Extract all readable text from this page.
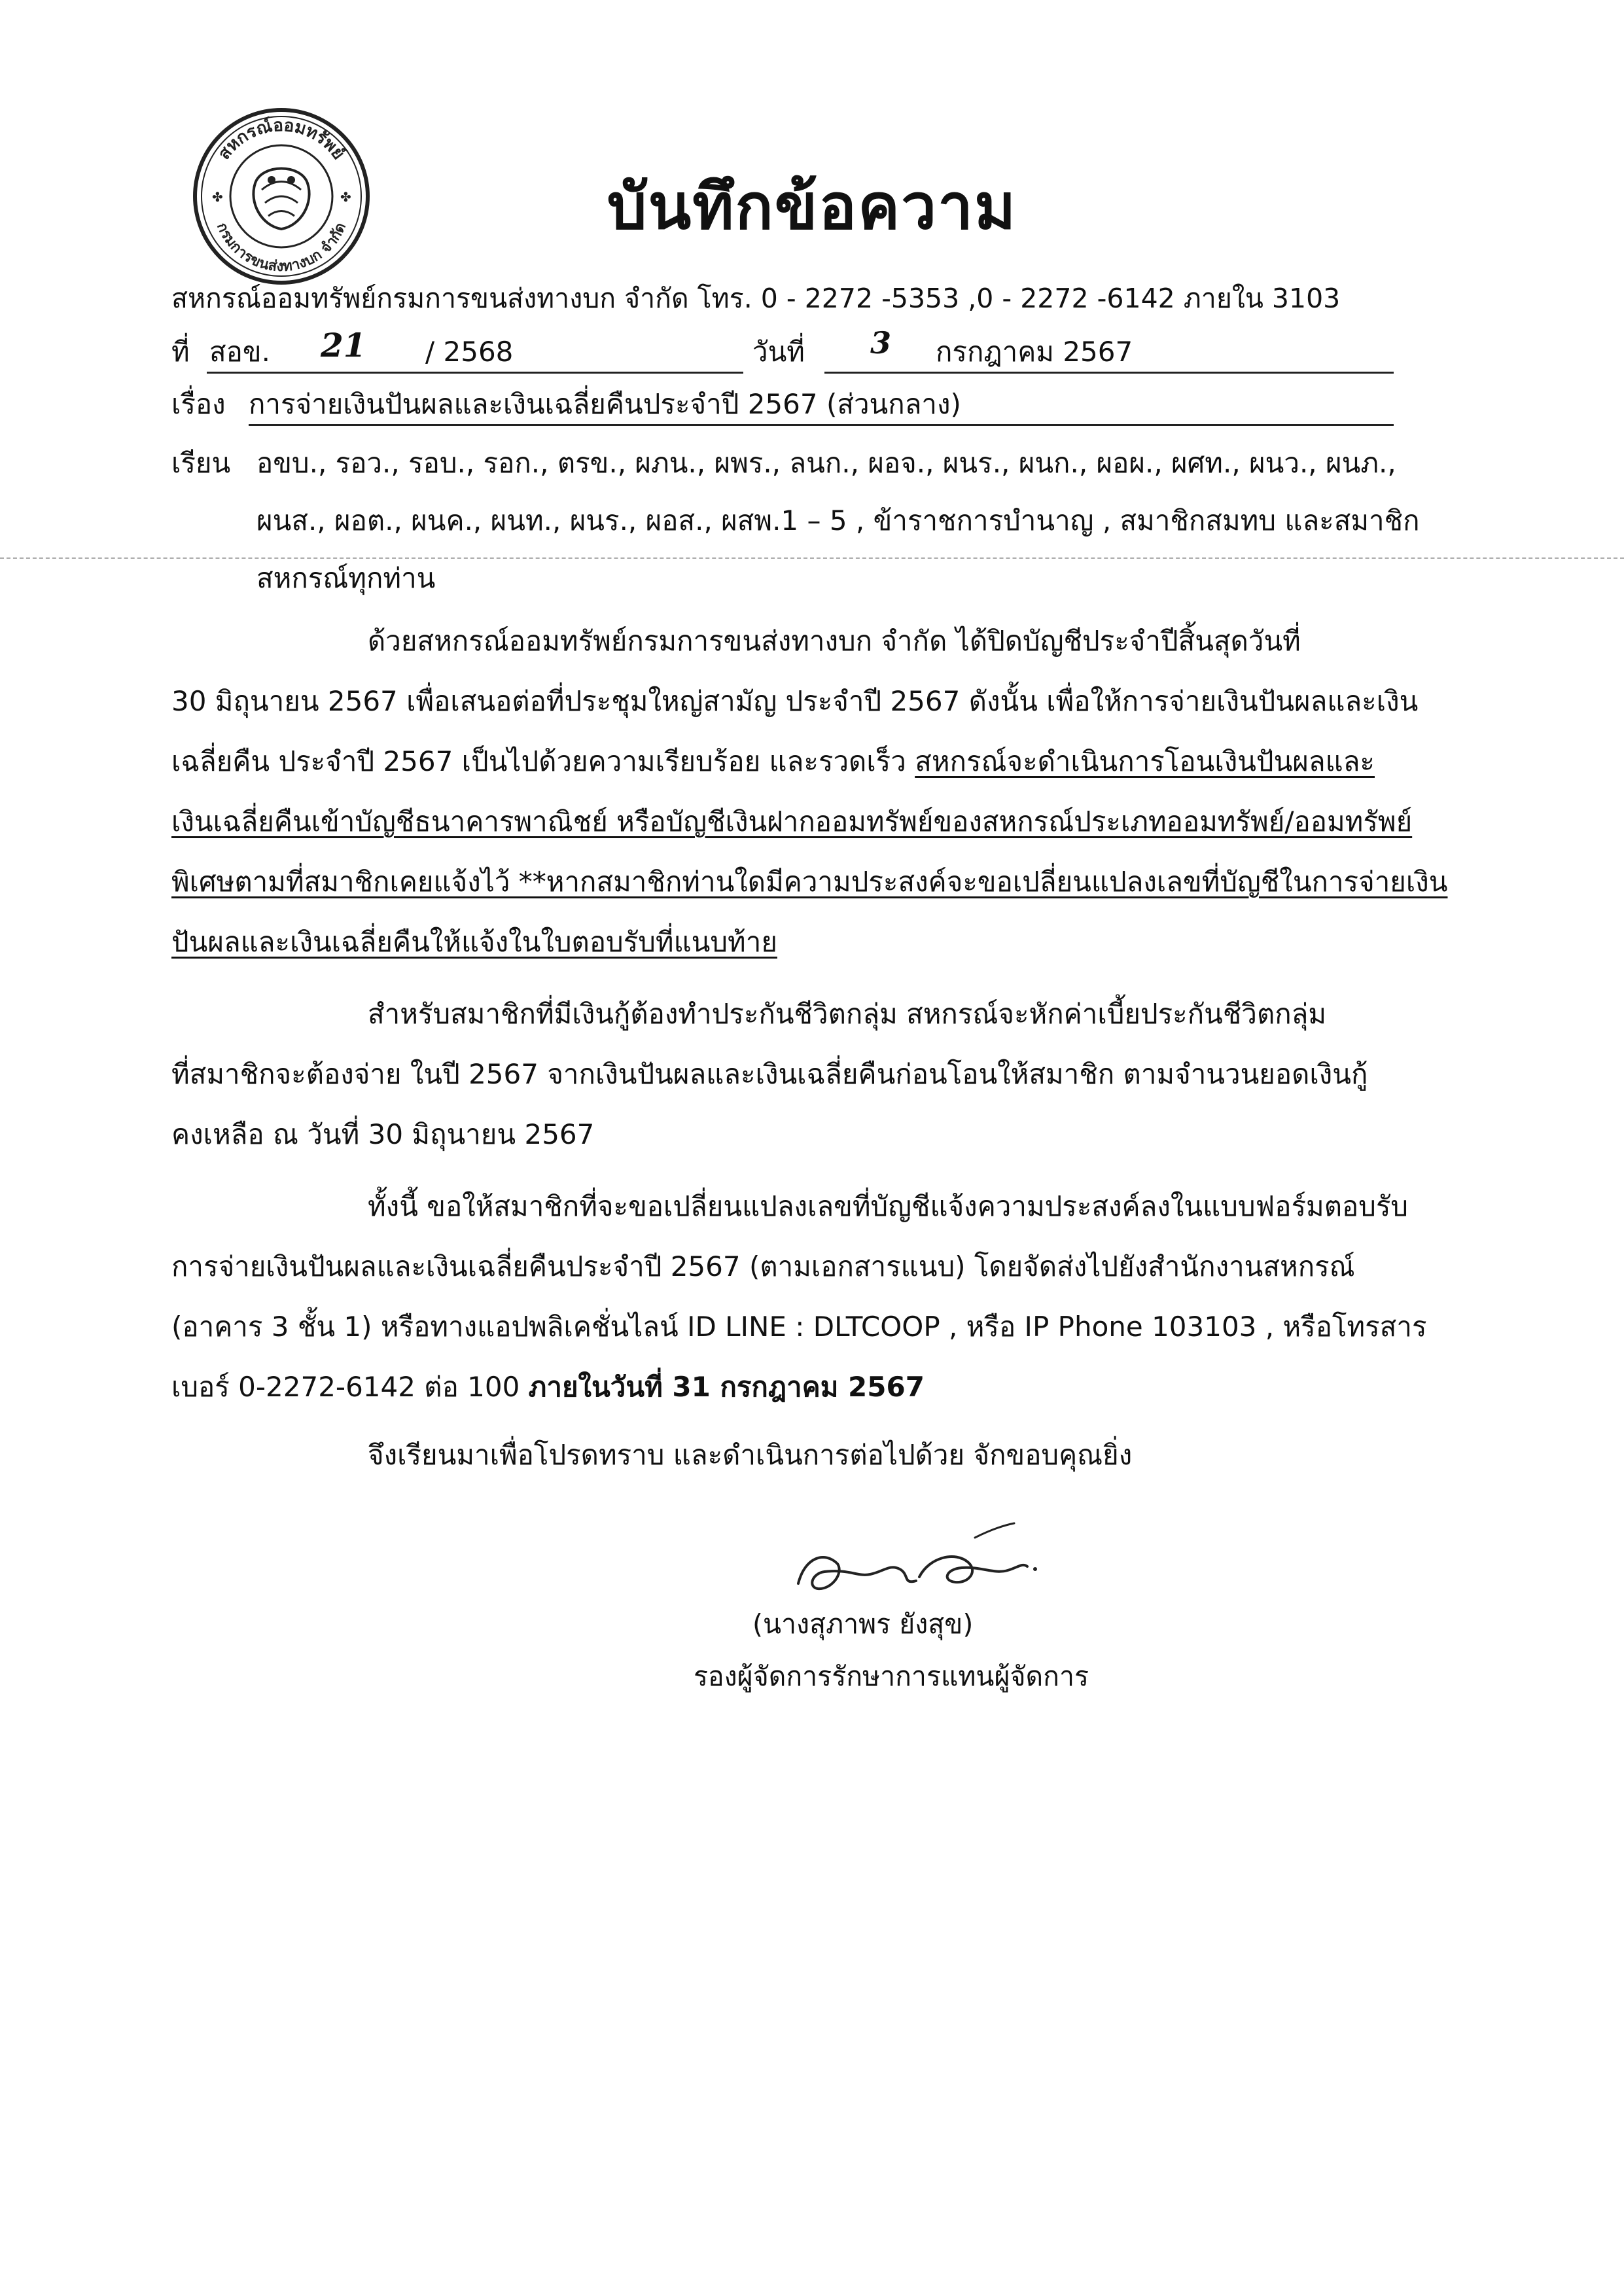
สหกรณ์ออมทรัพย์
กรมการขนส่งทางบก จำกัด
✤	✤	บันทึกข้อความ
สหกรณ์ออมทรัพย์กรมการขนส่งทางบก จำกัด โทร. 0 - 2272 -5353 ,0 - 2272 -6142 ภายใน 3103
ที่ สอข. 21 / 2568	วันที่ 3 กรกฎาคม 2567
เรื่อง การจ่ายเงินปันผลและเงินเฉลี่ยคืนประจำปี 2567 (ส่วนกลาง)
เรียน อขบ., รอว., รอบ., รอก., ตรข., ผภน., ผพร., ลนก., ผอจ., ผนร., ผนก., ผอผ., ผศท., ผนว., ผนภ.,
ผนส., ผอต., ผนค., ผนท., ผนร., ผอส., ผสพ.1 – 5 , ข้าราชการบำนาญ , สมาชิกสมทบ และสมาชิก
สหกรณ์ทุกท่าน
ด้วยสหกรณ์ออมทรัพย์กรมการขนส่งทางบก จำกัด ได้ปิดบัญชีประจำปีสิ้นสุดวันที่
30 มิถุนายน 2567 เพื่อเสนอต่อที่ประชุมใหญ่สามัญ ประจำปี 2567 ดังนั้น เพื่อให้การจ่ายเงินปันผลและเงิน
เฉลี่ยคืน ประจำปี 2567 เป็นไปด้วยความเรียบร้อย และรวดเร็ว สหกรณ์จะดำเนินการโอนเงินปันผลและ
เงินเฉลี่ยคืนเข้าบัญชีธนาคารพาณิชย์ หรือบัญชีเงินฝากออมทรัพย์ของสหกรณ์ประเภทออมทรัพย์/ออมทรัพย์
พิเศษตามที่สมาชิกเคยแจ้งไว้ **หากสมาชิกท่านใดมีความประสงค์จะขอเปลี่ยนแปลงเลขที่บัญชีในการจ่ายเงิน
ปันผลและเงินเฉลี่ยคืนให้แจ้งในใบตอบรับที่แนบท้าย
สำหรับสมาชิกที่มีเงินกู้ต้องทำประกันชีวิตกลุ่ม สหกรณ์จะหักค่าเบี้ยประกันชีวิตกลุ่ม
ที่สมาชิกจะต้องจ่าย ในปี 2567 จากเงินปันผลและเงินเฉลี่ยคืนก่อนโอนให้สมาชิก ตามจำนวนยอดเงินกู้
คงเหลือ ณ วันที่ 30 มิถุนายน 2567
ทั้งนี้ ขอให้สมาชิกที่จะขอเปลี่ยนแปลงเลขที่บัญชีแจ้งความประสงค์ลงในแบบฟอร์มตอบรับ
การจ่ายเงินปันผลและเงินเฉลี่ยคืนประจำปี 2567 (ตามเอกสารแนบ) โดยจัดส่งไปยังสำนักงานสหกรณ์
(อาคาร 3 ชั้น 1) หรือทางแอปพลิเคชั่นไลน์ ID LINE : DLTCOOP , หรือ IP Phone 103103 , หรือโทรสาร
เบอร์ 0-2272-6142 ต่อ 100 ภายในวันที่ 31 กรกฎาคม 2567
จึงเรียนมาเพื่อโปรดทราบ และดำเนินการต่อไปด้วย จักขอบคุณยิ่ง
(นางสุภาพร ยังสุข)
รองผู้จัดการรักษาการแทนผู้จัดการ
